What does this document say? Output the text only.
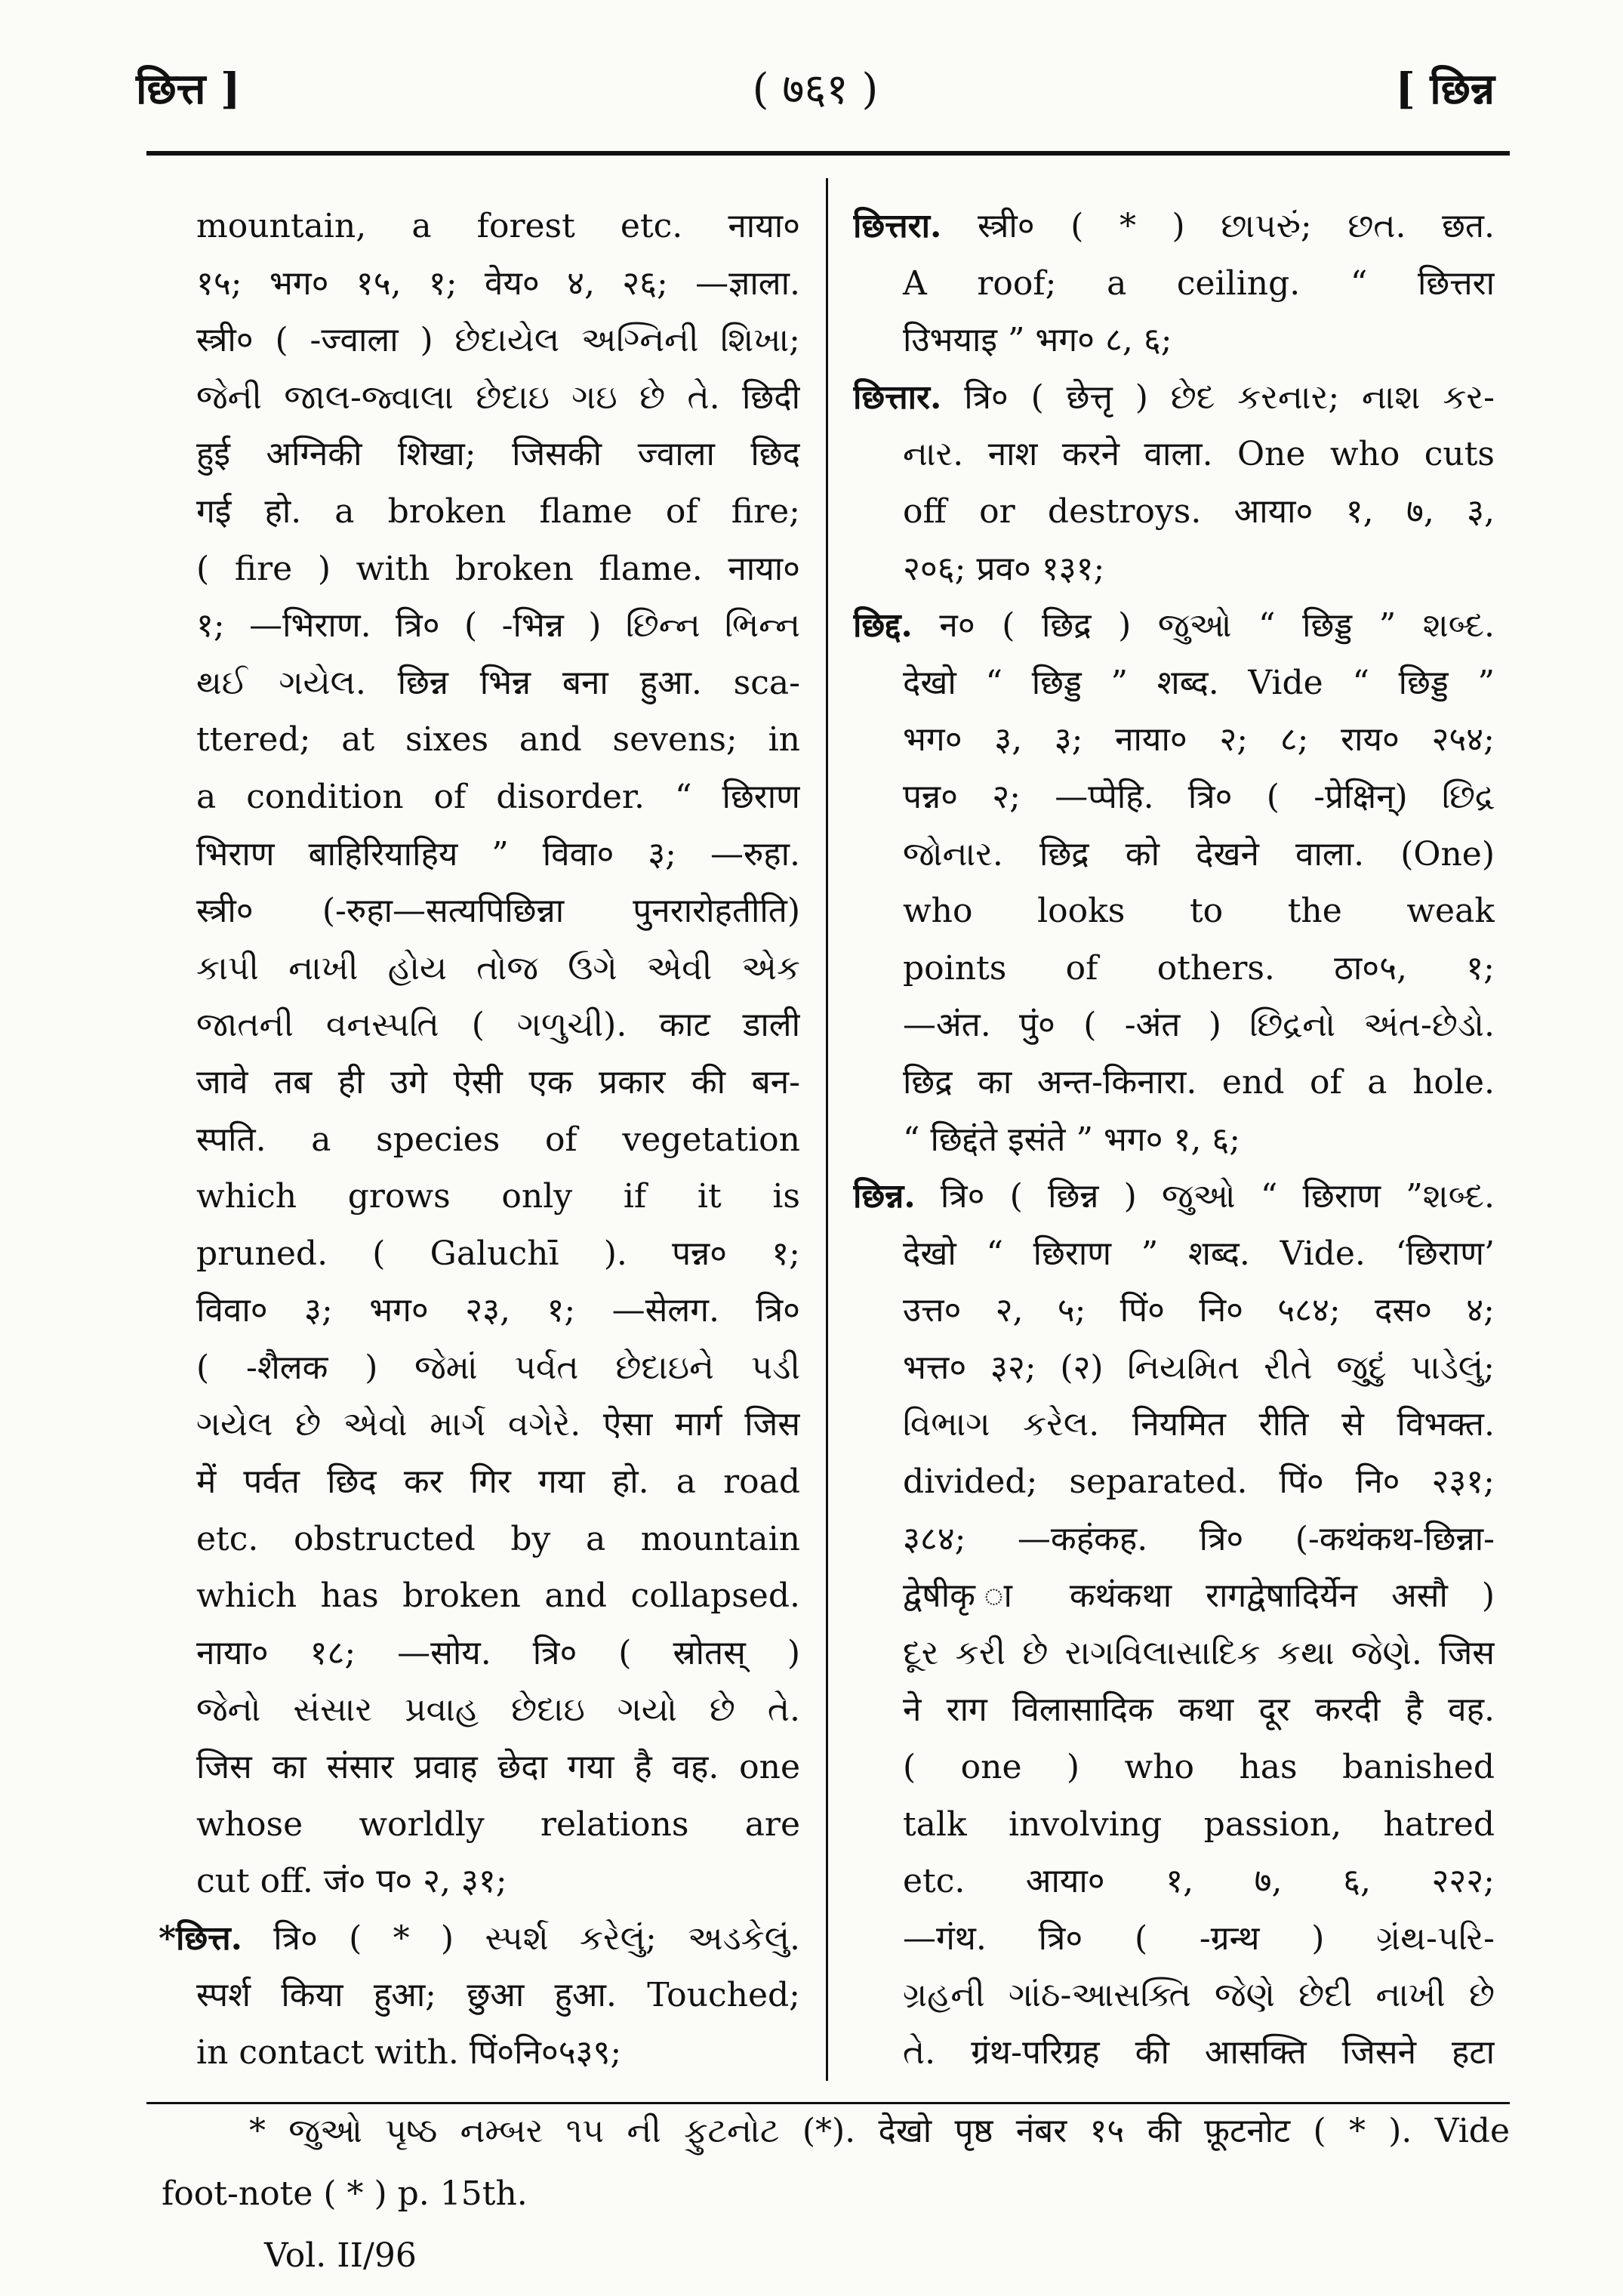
छित्त ]	( ७६१ )	[ छिन्न
mountain, a forest etc. नाया०
१५; भग० १५, १; वेय० ४, २६; —ज्ञाला.
स्त्री० ( -ज्वाला ) છેદાયેલ અગ્નિની શિખા;
જેની જાલ-જ્વાલા છેદાઇ ગઇ છે તે. छिदी
हुई अग्निकी शिखा; जिसकी ज्वाला छिद
गई हो. a broken flame of fire;
( fire ) with broken flame. नाया०
१; —भिराण. त्रि० ( -भिन्न ) છિન્ન ભિન્ન
થઈ ગયેલ. छिन्न भिन्न बना हुआ. sca-
ttered; at sixes and sevens; in
a condition of disorder. “ छिराण
भिराण बाहिरियाहिय ” विवा० ३; —रुहा.
स्त्री० (-रुहा—सत्यपिछिन्ना पुनरारोहतीति)
કાપી નાખી હોય તોજ ઉગે એવી એક
જાતની વનસ્પતિ ( ગળુચી). काट डाली
जावे तब ही उगे ऐसी एक प्रकार की बन-
स्पति. a species of vegetation
which grows only if it is
pruned. ( Galuchī ). पन्न० १;
विवा० ३; भग० २३, १; —सेलग. त्रि०
( -शैलक ) જેમાં પર્વત છેદાઇને પડી
ગયેલ છે એવો માર્ગ વગેરે. ऐसा मार्ग जिस
में पर्वत छिद कर गिर गया हो. a road
etc. obstructed by a mountain
which has broken and collapsed.
नाया० १८; —सोय. त्रि० ( स्रोतस् )
જેનો સંસાર પ્રવાહ છેદાઇ ગયો છે તે.
जिस का संसार प्रवाह छेदा गया है वह. one
whose worldly relations are
cut off. जं० प० २, ३१;
*छित्त. त्रि० ( * ) સ્પર્શ કરેલું; અડકેલું.
स्पर्श किया हुआ; छुआ हुआ. Touched;
in contact with. पिं०नि०५३९;
छित्तरा. स्त्री० ( * ) છાપરું; છત. छत.
A roof; a ceiling. “ छित्तरा
उिभयाइ ” भग० ८, ६;
छित्तार. त्रि० ( छेत्तृ ) છેદ કરનાર; નાશ કર-
નાર. नाश करने वाला. One who cuts
off or destroys. आया० १, ७, ३,
२०६; प्रव० १३१;
छिद्द. न० ( छिद्र ) જુઓ “ छिड्ड ” શબ્દ.
देखो “ छिड्ड ” शब्द. Vide “ छिड्ड ”
भग० ३, ३; नाया० २; ८; राय० २५४;
पन्न० २; —प्पेहि. त्रि० ( -प्रेक्षिन्) છિદ્ર
જોનાર. छिद्र को देखने वाला. (One)
who looks to the weak
points of others. ठा०५, १;
—अंत. पुं० ( -अंत ) છિદ્રનો અંત-છેડો.
छिद्र का अन्त-किनारा. end of a hole.
“ छिद्दंते इसंते ” भग० १, ६;
छिन्न. त्रि० ( छिन्न ) જુઓ “ छिराण ”શબ્દ.
देखो “ छिराण ” शब्द. Vide. ‘छिराण’
उत्त० २, ५; पिं० नि० ५८४; दस० ४;
भत्त० ३२; (२) નિયમિત રીતે જુદું પાડેલું;
વિભાગ કરેલ. नियमित रीति से विभक्त.
divided; separated. पिं० नि० २३१;
३८४; —कहंकह. त्रि० (-कथंकथ-छिन्ना-
द्वेषीकृ ा कथंकथा रागद्वेषादिर्येन असौ )
દૂર કરી છે રાગવિલાસાદિક કથા જેણે. जिस
ने राग विलासादिक कथा दूर करदी है वह.
( one ) who has banished
talk involving passion, hatred
etc. आया० १, ७, ६, २२२;
—गंथ. त्रि० ( -ग्रन्थ ) ગ્રંથ-પરિ-
ગ્રહની ગાંઠ-આસક્તિ જેણે છેદી નાખી છે
તે. ग्रंथ-परिग्रह की आसक्ति जिसने हटा
* જુઓ પૃષ્ઠ નમ્બર ૧૫ ની ફુટનોટ (*). देखो पृष्ठ नंबर १५ की फ़ूटनोट ( * ). Vide
foot-note ( * ) p. 15th.
Vol. II/96
